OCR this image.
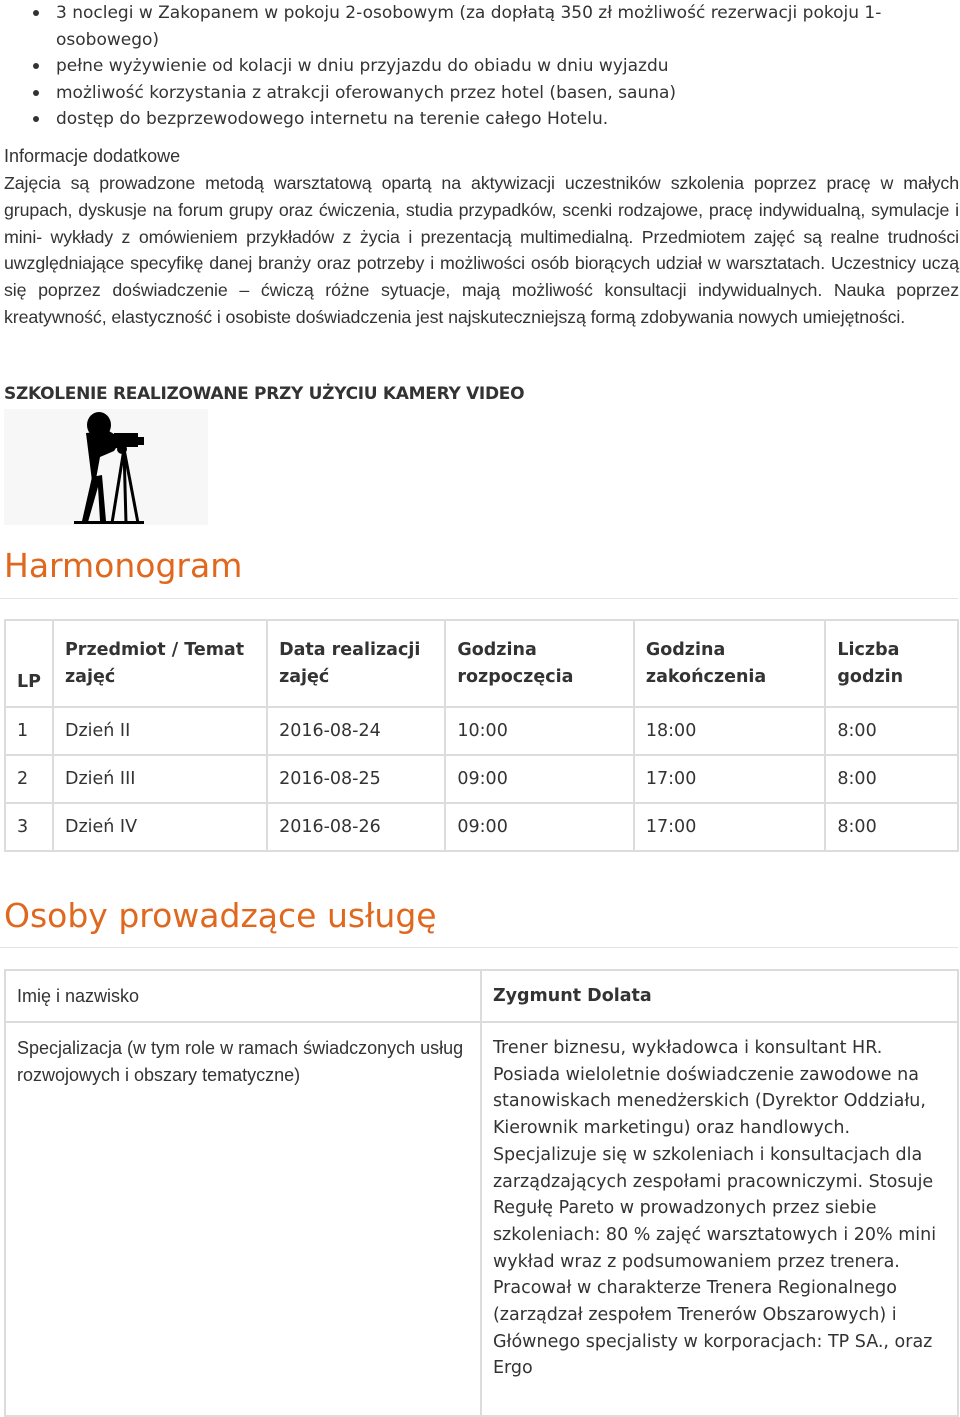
3 noclegi w Zakopanem w pokoju 2-osobowym (za dopłatą 350 zł możliwość rezerwacji pokoju 1-osobowego)
pełne wyżywienie od kolacji w dniu przyjazdu do obiadu w dniu wyjazdu
możliwość korzystania z atrakcji oferowanych przez hotel (basen, sauna)
dostęp do bezprzewodowego internetu na terenie całego Hotelu.
Informacje dodatkowe
Zajęcia są prowadzone metodą warsztatową opartą na aktywizacji uczestników szkolenia poprzez pracę w małych grupach, dyskusje na forum grupy oraz ćwiczenia, studia przypadków, scenki rodzajowe, pracę indywidualną, symulacje i mini- wykłady z omówieniem przykładów z życia i prezentacją multimedialną. Przedmiotem zajęć są realne trudności uwzględniające specyfikę danej branży oraz potrzeby i możliwości osób biorących udział w warsztatach. Uczestnicy uczą się poprzez doświadczenie – ćwiczą różne sytuacje, mają możliwość konsultacji indywidualnych. Nauka poprzez kreatywność, elastyczność i osobiste doświadczenia jest najskuteczniejszą formą zdobywania nowych umiejętności.
SZKOLENIE REALIZOWANE PRZY UŻYCIU KAMERY VIDEO
Harmonogram
LP	Przedmiot / Temat zajęć	Data realizacji zajęć	Godzina rozpoczęcia	Godzina zakończenia	Liczba godzin
1	Dzień II	2016-08-24	10:00	18:00	8:00
2	Dzień III	2016-08-25	09:00	17:00	8:00
3	Dzień IV	2016-08-26	09:00	17:00	8:00
Osoby prowadzące usługę
Imię i nazwisko	Zygmunt Dolata
Specjalizacja (w tym role w ramach świadczonych usług rozwojowych i obszary tematyczne)	Trener biznesu, wykładowca i konsultant HR. Posiada wieloletnie doświadczenie zawodowe na stanowiskach menedżerskich (Dyrektor Oddziału, Kierownik marketingu) oraz handlowych. Specjalizuje się w szkoleniach i konsultacjach dla zarządzających zespołami pracowniczymi. Stosuje Regułę Pareto w prowadzonych przez siebie szkoleniach: 80 % zajęć warsztatowych i 20% mini wykład wraz z podsumowaniem przez trenera. Pracował w charakterze Trenera Regionalnego (zarządzał zespołem Trenerów Obszarowych) i Głównego specjalisty w korporacjach: TP SA., oraz Ergo
